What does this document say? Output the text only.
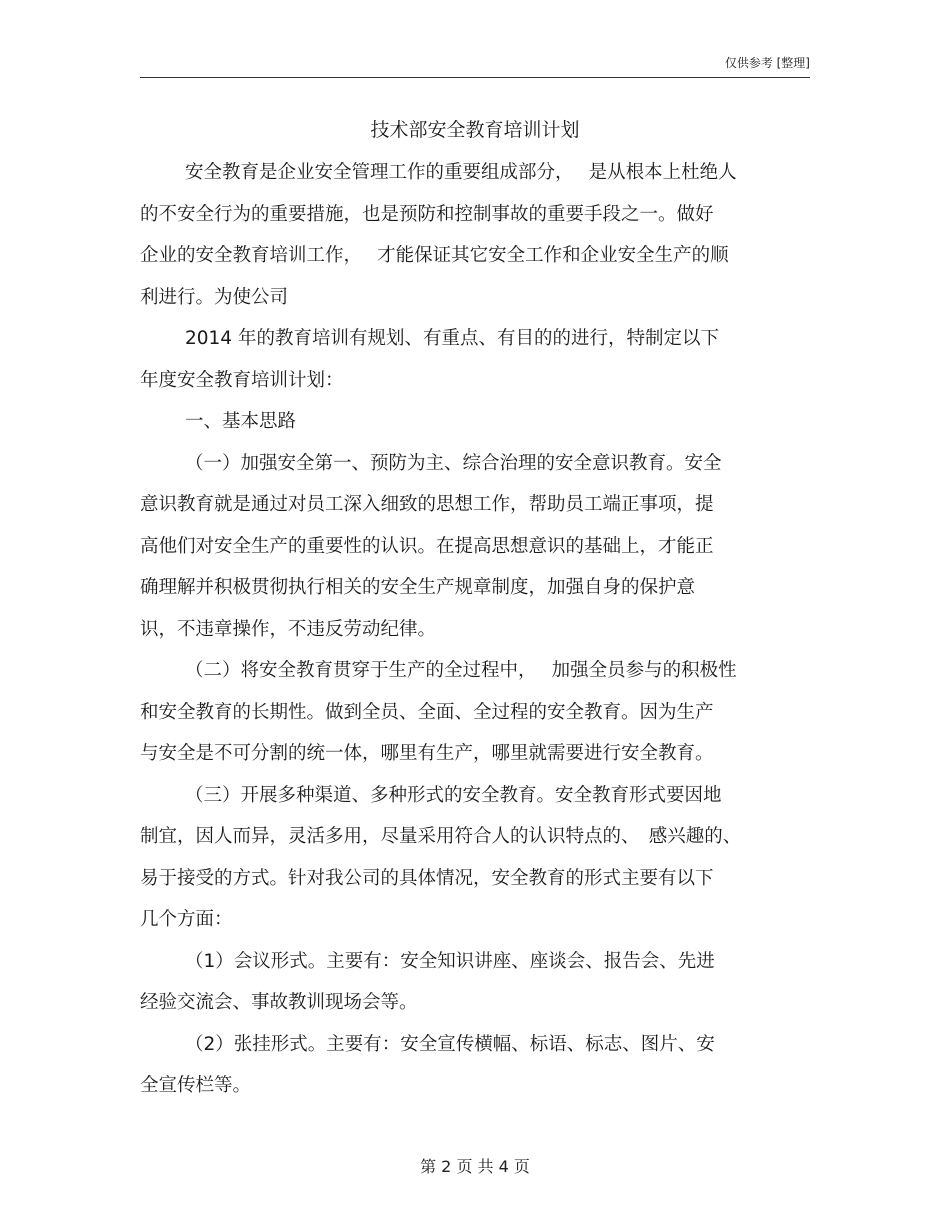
仅供参考 [整理]
技术部安全教育培训计划
安全教育是企业安全管理工作的重要组成部分，　 是从根本上杜绝人
的不安全行为的重要措施，也是预防和控制事故的重要手段之一。做好
企业的安全教育培训工作，　 才能保证其它安全工作和企业安全生产的顺
利进行。为使公司
2014 年的教育培训有规划、有重点、有目的的进行，特制定以下
年度安全教育培训计划：
一、基本思路
（一）加强安全第一、预防为主、综合治理的安全意识教育。安全
意识教育就是通过对员工深入细致的思想工作，帮助员工端正事项，提
高他们对安全生产的重要性的认识。在提高思想意识的基础上，才能正
确理解并积极贯彻执行相关的安全生产规章制度，加强自身的保护意
识，不违章操作，不违反劳动纪律。
（二）将安全教育贯穿于生产的全过程中，　 加强全员参与的积极性
和安全教育的长期性。做到全员、全面、全过程的安全教育。因为生产
与安全是不可分割的统一体，哪里有生产，哪里就需要进行安全教育。
（三）开展多种渠道、多种形式的安全教育。安全教育形式要因地
制宜，因人而异，灵活多用，尽量采用符合人的认识特点的、　感兴趣的、
易于接受的方式。针对我公司的具体情况，安全教育的形式主要有以下
几个方面：
（1）会议形式。主要有：安全知识讲座、座谈会、报告会、先进
经验交流会、事故教训现场会等。
（2）张挂形式。主要有：安全宣传横幅、标语、标志、图片、安
全宣传栏等。
第 2 页 共 4 页
